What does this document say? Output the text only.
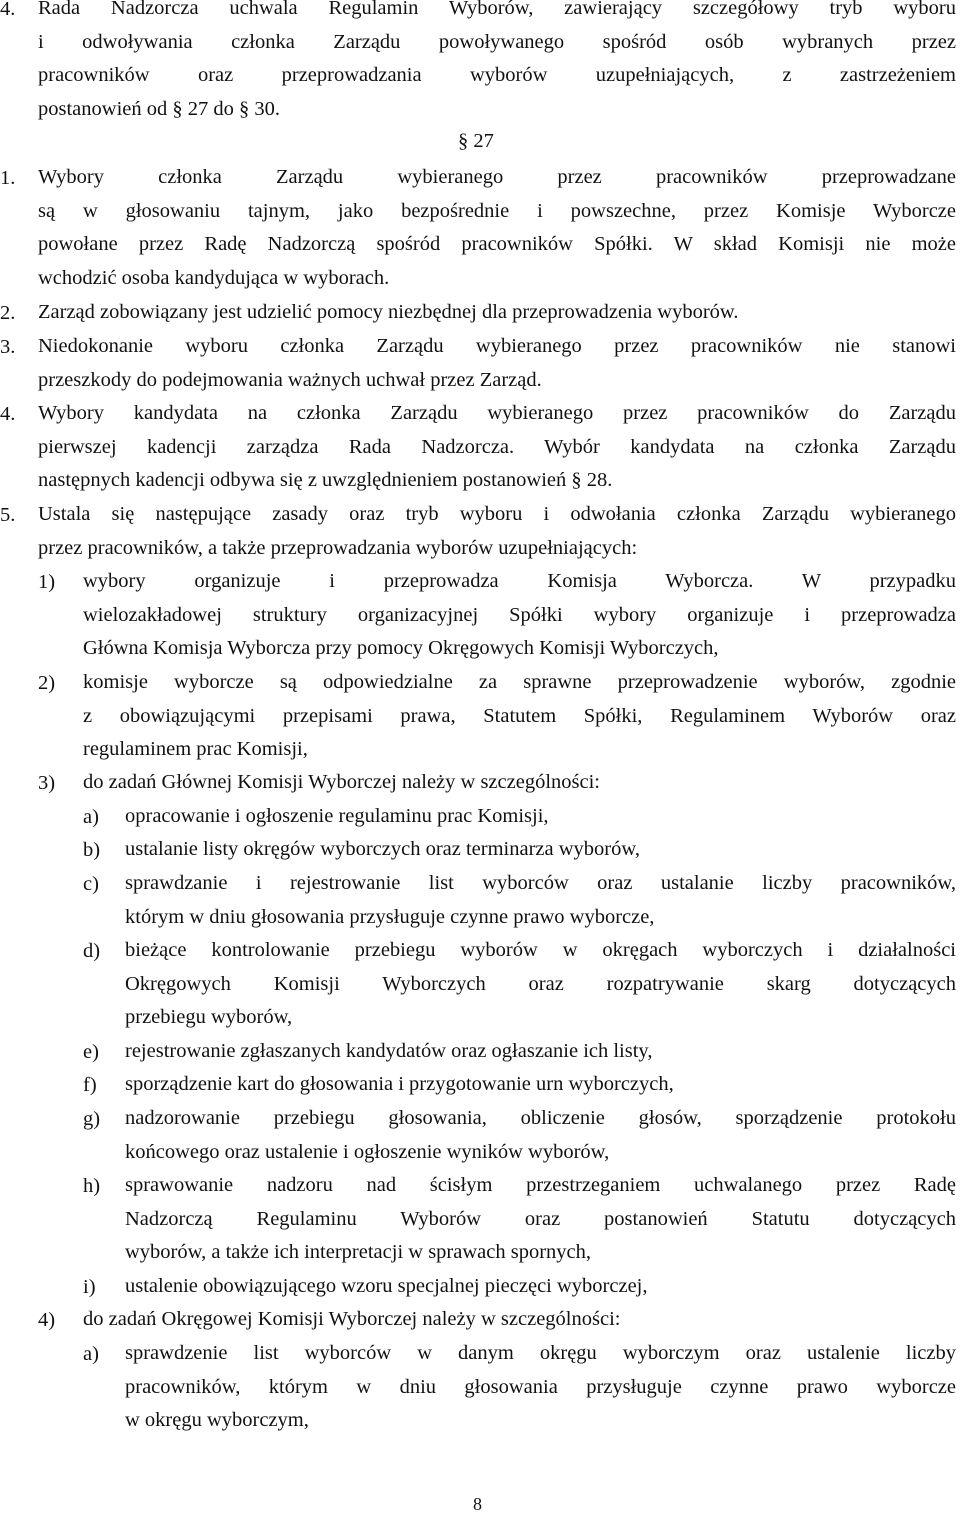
4. Rada Nadzorcza uchwala Regulamin Wyborów, zawierający szczegółowy tryb wyboru

i odwoływania członka Zarządu powoływanego spośród osób wybranych przez

pracowników oraz przeprowadzania wyborów uzupełniających, z zastrzeżeniem

postanowień od § 27 do § 30.

§ 27
1. Wybory członka Zarządu wybieranego przez pracowników przeprowadzane

są w głosowaniu tajnym, jako bezpośrednie i powszechne, przez Komisje Wyborcze

powołane przez Radę Nadzorczą spośród pracowników Spółki. W skład Komisji nie może

wchodzić osoba kandydująca w wyborach.

2. Zarząd zobowiązany jest udzielić pomocy niezbędnej dla przeprowadzenia wyborów.

3. Niedokonanie wyboru członka Zarządu wybieranego przez pracowników nie stanowi

przeszkody do podejmowania ważnych uchwał przez Zarząd.

4. Wybory kandydata na członka Zarządu wybieranego przez pracowników do Zarządu

pierwszej kadencji zarządza Rada Nadzorcza. Wybór kandydata na członka Zarządu

następnych kadencji odbywa się z uwzględnieniem postanowień § 28.

5. Ustala się następujące zasady oraz tryb wyboru i odwołania członka Zarządu wybieranego

przez pracowników, a także przeprowadzania wyborów uzupełniających:

1) wybory organizuje i przeprowadza Komisja Wyborcza. W przypadku

wielozakładowej struktury organizacyjnej Spółki wybory organizuje i przeprowadza

Główna Komisja Wyborcza przy pomocy Okręgowych Komisji Wyborczych,

2) komisje wyborcze są odpowiedzialne za sprawne przeprowadzenie wyborów, zgodnie

z obowiązującymi przepisami prawa, Statutem Spółki, Regulaminem Wyborów oraz

regulaminem prac Komisji,

3) do zadań Głównej Komisji Wyborczej należy w szczególności:

a) opracowanie i ogłoszenie regulaminu prac Komisji,

b) ustalanie listy okręgów wyborczych oraz terminarza wyborów,

c) sprawdzanie i rejestrowanie list wyborców oraz ustalanie liczby pracowników,

którym w dniu głosowania przysługuje czynne prawo wyborcze,

d) bieżące kontrolowanie przebiegu wyborów w okręgach wyborczych i działalności

Okręgowych Komisji Wyborczych oraz rozpatrywanie skarg dotyczących

przebiegu wyborów,

e) rejestrowanie zgłaszanych kandydatów oraz ogłaszanie ich listy,

f) sporządzenie kart do głosowania i przygotowanie urn wyborczych,

g) nadzorowanie przebiegu głosowania, obliczenie głosów, sporządzenie protokołu

końcowego oraz ustalenie i ogłoszenie wyników wyborów,

h) sprawowanie nadzoru nad ścisłym przestrzeganiem uchwalanego przez Radę

Nadzorczą Regulaminu Wyborów oraz postanowień Statutu dotyczących

wyborów, a także ich interpretacji w sprawach spornych,

i) ustalenie obowiązującego wzoru specjalnej pieczęci wyborczej,

4) do zadań Okręgowej Komisji Wyborczej należy w szczególności:

a) sprawdzenie list wyborców w danym okręgu wyborczym oraz ustalenie liczby

pracowników, którym w dniu głosowania przysługuje czynne prawo wyborcze

w okręgu wyborczym,

8
